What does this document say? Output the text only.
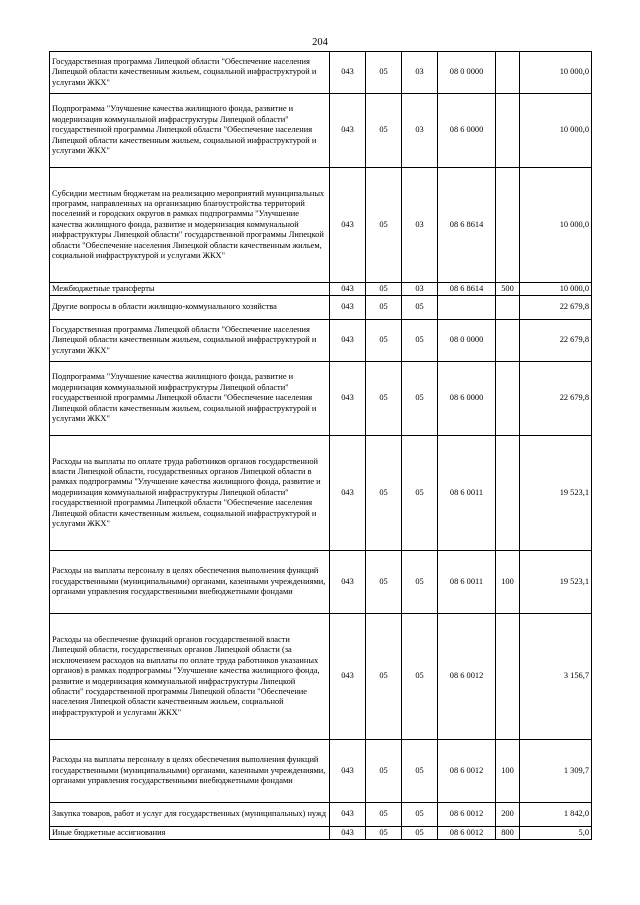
204
Государственная программа Липецкой области "Обеспечение населения Липецкой области качественным жильем, социальной инфраструктурой и услугами ЖКХ"	043	05	03	08 0 0000		10 000,0
Подпрограмма "Улучшение качества жилищного фонда, развитие и модернизация коммунальной инфраструктуры Липецкой области" государственной программы Липецкой области "Обеспечение населения Липецкой области качественным жильем, социальной инфраструктурой и услугами ЖКХ"	043	05	03	08 6 0000		10 000,0
Субсидии местным бюджетам на реализацию мероприятий муниципальных программ, направленных на организацию благоустройства территорий поселений и городских округов в рамках подпрограммы "Улучшение качества жилищного фонда, развитие и модернизация коммунальной инфраструктуры Липецкой области" государственной программы Липецкой области "Обеспечение населения Липецкой области качественным жильем, социальной инфраструктурой и услугами ЖКХ"	043	05	03	08 6 8614		10 000,0
Межбюджетные трансферты	043	05	03	08 6 8614	500	10 000,0
Другие вопросы в области жилищно-коммунального хозяйства	043	05	05			22 679,8
Государственная программа Липецкой области "Обеспечение населения Липецкой области качественным жильем, социальной инфраструктурой и услугами ЖКХ"	043	05	05	08 0 0000		22 679,8
Подпрограмма "Улучшение качества жилищного фонда, развитие и модернизация коммунальной инфраструктуры Липецкой области" государственной программы Липецкой области "Обеспечение населения Липецкой области качественным жильем, социальной инфраструктурой и услугами ЖКХ"	043	05	05	08 6 0000		22 679,8
Расходы на выплаты по оплате труда работников органов государственной власти Липецкой области, государственных органов Липецкой области в рамках подпрограммы "Улучшение качества жилищного фонда, развитие и модернизация коммунальной инфраструктуры Липецкой области" государственной программы Липецкой области "Обеспечение населения Липецкой области качественным жильем, социальной инфраструктурой и услугами ЖКХ"	043	05	05	08 6 0011		19 523,1
Расходы на выплаты персоналу в целях обеспечения выполнения функций государственными (муниципальными) органами, казенными учреждениями, органами управления государственными внебюджетными фондами	043	05	05	08 6 0011	100	19 523,1
Расходы на обеспечение функций органов государственной власти Липецкой области, государственных органов Липецкой области (за исключением расходов на выплаты по оплате труда работников указанных органов) в рамках подпрограммы "Улучшение качества жилищного фонда, развитие и модернизация коммунальной инфраструктуры Липецкой области" государственной программы Липецкой области "Обеспечение населения Липецкой области качественным жильем, социальной инфраструктурой и услугами ЖКХ"	043	05	05	08 6 0012		3 156,7
Расходы на выплаты персоналу в целях обеспечения выполнения функций государственными (муниципальными) органами, казенными учреждениями, органами управления государственными внебюджетными фондами	043	05	05	08 6 0012	100	1 309,7
Закупка товаров, работ и услуг для государственных (муниципальных) нужд	043	05	05	08 6 0012	200	1 842,0
Иные бюджетные ассигнования	043	05	05	08 6 0012	800	5,0
